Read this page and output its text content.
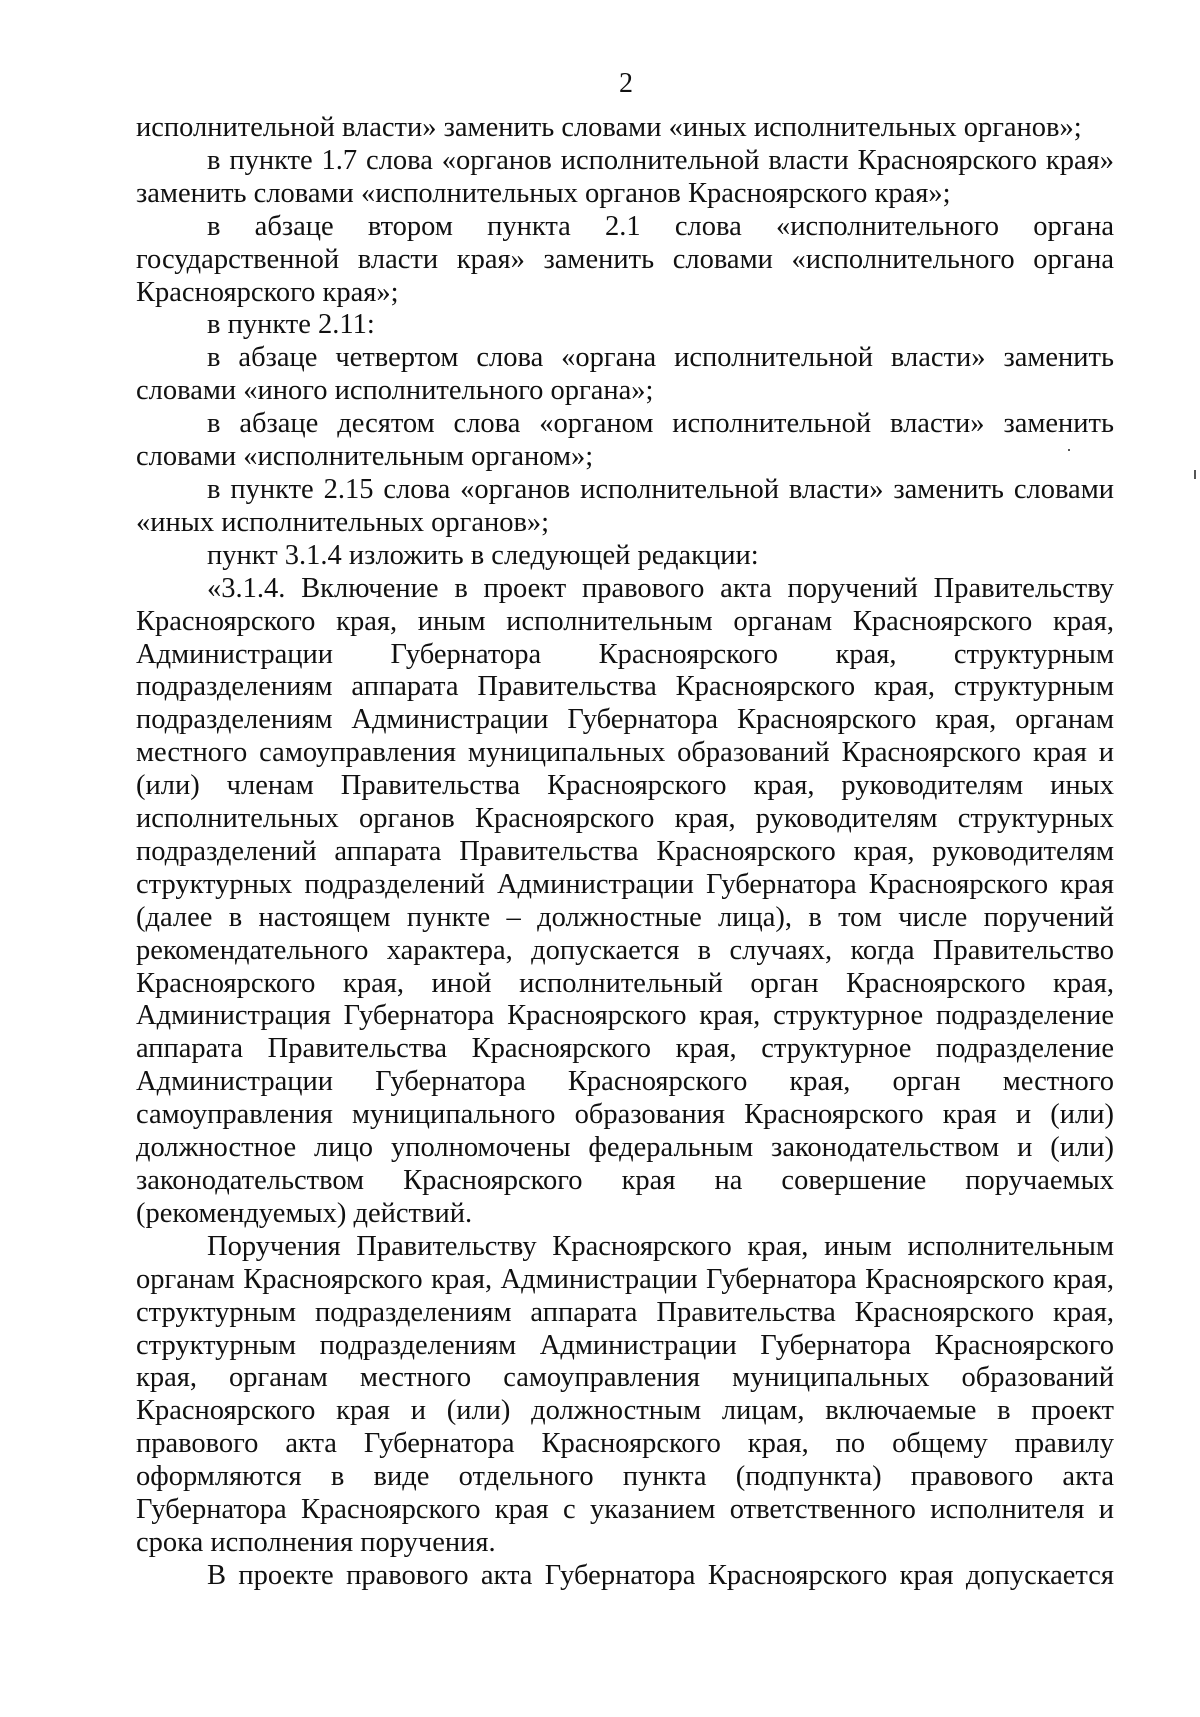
2

исполнительной власти» заменить словами «иных исполнительных органов»;

в пункте 1.7 слова «органов исполнительной власти Красноярского края» заменить словами «исполнительных органов Красноярского края»;

в абзаце втором пункта 2.1 слова «исполнительного органа государственной власти края» заменить словами «исполнительного органа Красноярского края»;

в пункте 2.11:

в абзаце четвертом слова «органа исполнительной власти» заменить словами «иного исполнительного органа»;

в абзаце десятом слова «органом исполнительной власти» заменить словами «исполнительным органом»;

в пункте 2.15 слова «органов исполнительной власти» заменить словами «иных исполнительных органов»;

пункт 3.1.4 изложить в следующей редакции:

«3.1.4. Включение в проект правового акта поручений Правительству Красноярского края, иным исполнительным органам Красноярского края, Администрации Губернатора Красноярского края, структурным подразделениям аппарата Правительства Красноярского края, структурным подразделениям Администрации Губернатора Красноярского края, органам местного самоуправления муниципальных образований Красноярского края и (или) членам Правительства Красноярского края, руководителям иных исполнительных органов Красноярского края, руководителям структурных подразделений аппарата Правительства Красноярского края, руководителям структурных подразделений Администрации Губернатора Красноярского края (далее в настоящем пункте – должностные лица), в том числе поручений рекомендательного характера, допускается в случаях, когда Правительство Красноярского края, иной исполнительный орган Красноярского края, Администрация Губернатора Красноярского края, структурное подразделение аппарата Правительства Красноярского края, структурное подразделение Администрации Губернатора Красноярского края, орган местного самоуправления муниципального образования Красноярского края и (или) должностное лицо уполномочены федеральным законодательством и (или) законодательством Красноярского края на совершение поручаемых (рекомендуемых) действий.

Поручения Правительству Красноярского края, иным исполнительным органам Красноярского края, Администрации Губернатора Красноярского края, структурным подразделениям аппарата Правительства Красноярского края, структурным подразделениям Администрации Губернатора Красноярского края, органам местного самоуправления муниципальных образований Красноярского края и (или) должностным лицам, включаемые в проект правового акта Губернатора Красноярского края, по общему правилу оформляются в виде отдельного пункта (подпункта) правового акта Губернатора Красноярского края с указанием ответственного исполнителя и срока исполнения поручения.

В проекте правового акта Губернатора Красноярского края допускается
